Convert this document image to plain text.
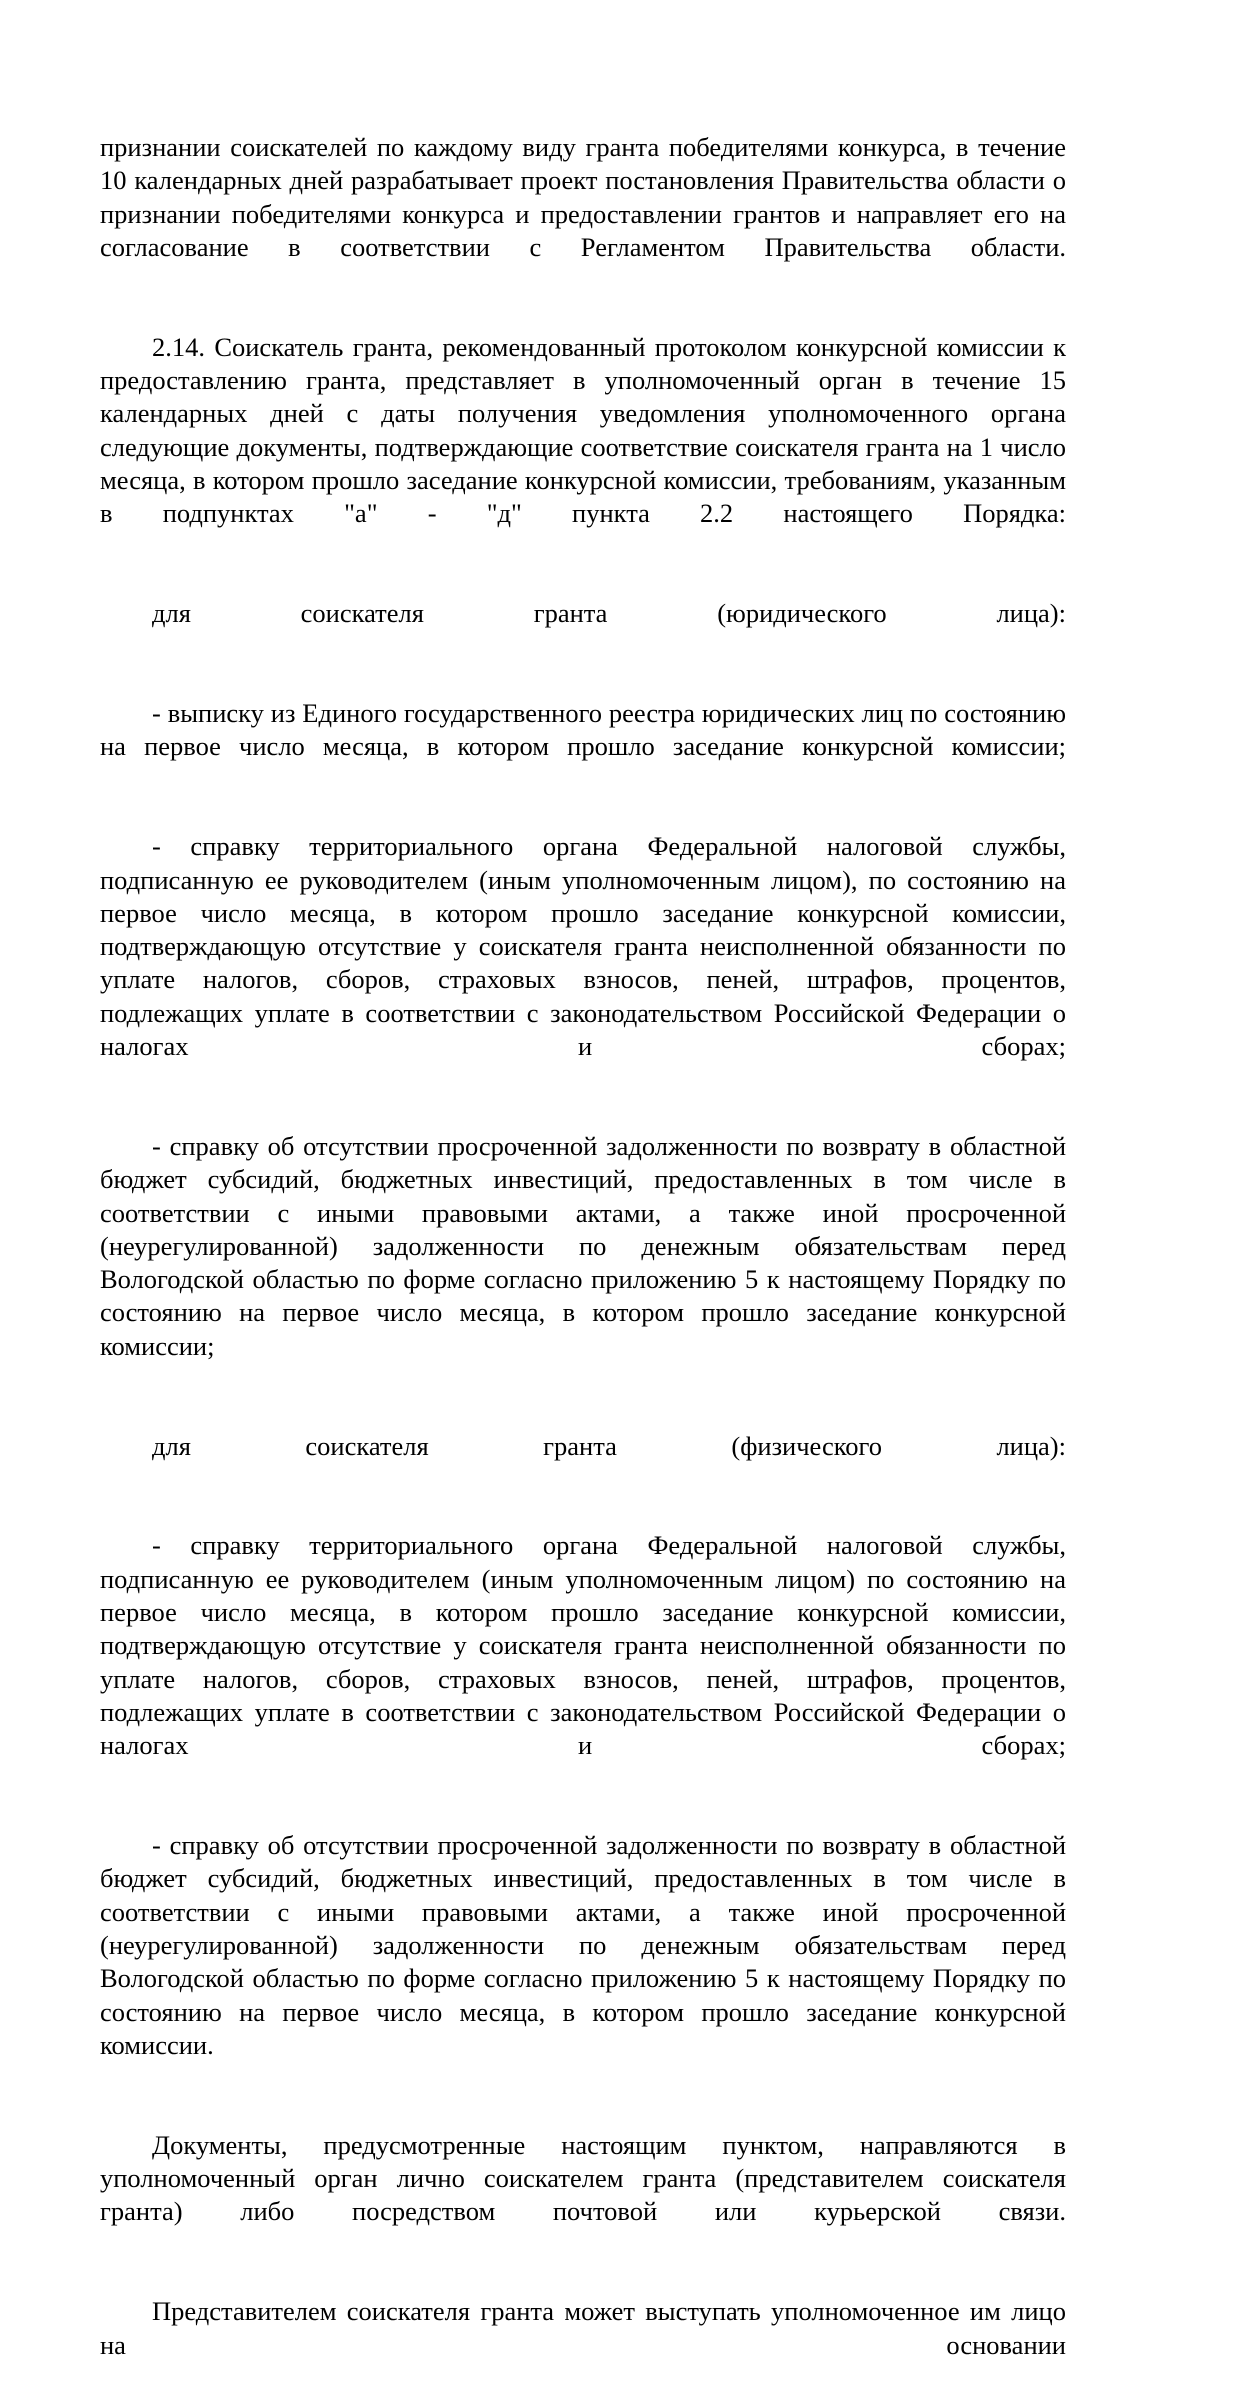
признании соискателей по каждому виду гранта победителями конкурса, в течение 10 календарных дней разрабатывает проект постановления Правительства области о признании победителями конкурса и предоставлении грантов и направляет его на согласование в соответствии с Регламентом Правительства области.

2.14. Соискатель гранта, рекомендованный протоколом конкурсной комиссии к предоставлению гранта, представляет в уполномоченный орган в течение 15 календарных дней с даты получения уведомления уполномоченного органа следующие документы, подтверждающие соответствие соискателя гранта на 1 число месяца, в котором прошло заседание конкурсной комиссии, требованиям, указанным в подпунктах "а" - "д" пункта 2.2 настоящего Порядка:

для соискателя гранта (юридического лица):

- выписку из Единого государственного реестра юридических лиц по состоянию на первое число месяца, в котором прошло заседание конкурсной комиссии;

- справку территориального органа Федеральной налоговой службы, подписанную ее руководителем (иным уполномоченным лицом), по состоянию на первое число месяца, в котором прошло заседание конкурсной комиссии, подтверждающую отсутствие у соискателя гранта неисполненной обязанности по уплате налогов, сборов, страховых взносов, пеней, штрафов, процентов, подлежащих уплате в соответствии с законодательством Российской Федерации о налогах и сборах;

- справку об отсутствии просроченной задолженности по возврату в областной бюджет субсидий, бюджетных инвестиций, предоставленных в том числе в соответствии с иными правовыми актами, а также иной просроченной (неурегулированной) задолженности по денежным обязательствам перед Вологодской областью по форме согласно приложению 5 к настоящему Порядку по состоянию на первое число месяца, в котором прошло заседание конкурсной комиссии;

для соискателя гранта (физического лица):

- справку территориального органа Федеральной налоговой службы, подписанную ее руководителем (иным уполномоченным лицом) по состоянию на первое число месяца, в котором прошло заседание конкурсной комиссии, подтверждающую отсутствие у соискателя гранта неисполненной обязанности по уплате налогов, сборов, страховых взносов, пеней, штрафов, процентов, подлежащих уплате в соответствии с законодательством Российской Федерации о налогах и сборах;

- справку об отсутствии просроченной задолженности по возврату в областной бюджет субсидий, бюджетных инвестиций, предоставленных в том числе в соответствии с иными правовыми актами, а также иной просроченной (неурегулированной) задолженности по денежным обязательствам перед Вологодской областью по форме согласно приложению 5 к настоящему Порядку по состоянию на первое число месяца, в котором прошло заседание конкурсной комиссии.

Документы, предусмотренные настоящим пунктом, направляются в уполномоченный орган лично соискателем гранта (представителем соискателя гранта) либо посредством почтовой или курьерской связи.

Представителем соискателя гранта может выступать уполномоченное им лицо на основании
